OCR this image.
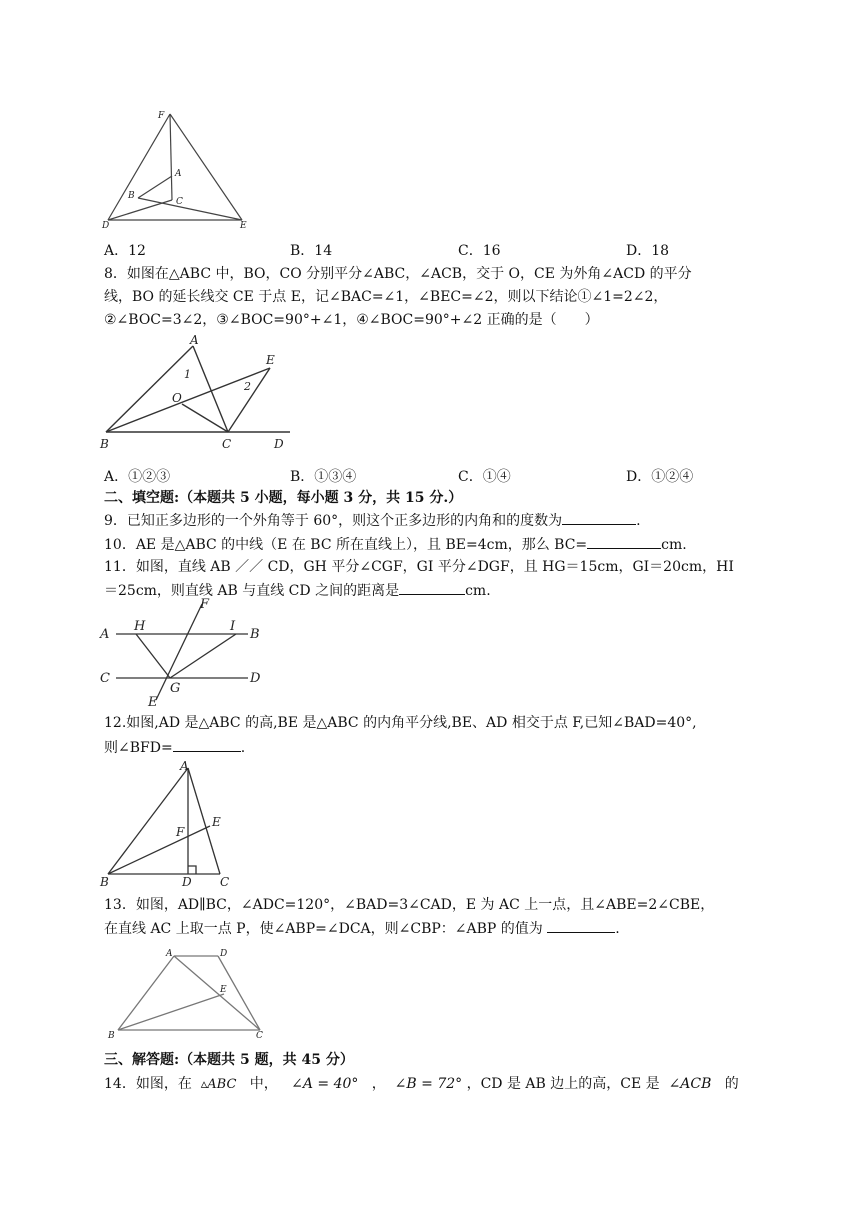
F
A
B
C
D	E
A．12	B．14	C．16	D．18
8．如图在△ABC 中，BO，CO 分别平分∠ABC，∠ACB，交于 O，CE 为外角∠ACD 的平分
线，BO 的延长线交 CE 于点 E，记∠BAC=∠1，∠BEC=∠2，则以下结论①∠1=2∠2，
②∠BOC=3∠2，③∠BOC=90°+∠1，④∠BOC=90°+∠2 正确的是（　　）
A
E
1
2
O
B	C	D
A．①②③	B．①③④	C．①④	D．①②④
二、填空题:（本题共 5 小题，每小题 3 分，共 15 分.）
9．已知正多边形的一个外角等于 60°，则这个正多边形的内角和的度数为	.
10．AE 是△ABC 的中线（E 在 BC 所在直线上），且 BE=4cm，那么 BC=	cm.
11．如图，直线 AB ／／ CD，GH 平分∠CGF，GI 平分∠DGF，且 HG＝15cm，GI＝20cm，HI
＝25cm，则直线 AB 与直线 CD 之间的距离是	cm.
A
H
F
I
B
C
G
D
E
12.如图,AD 是△ABC 的高,BE 是△ABC 的内角平分线,BE、AD 相交于点 F,已知∠BAD=40°,
则∠BFD=	.
A
F
E
B	D C
13．如图，AD∥BC，∠ADC=120°，∠BAD=3∠CAD，E 为 AC 上一点，且∠ABE=2∠CBE，
在直线 AC 上取一点 P，使∠ABP=∠DCA，则∠CBP：∠ABP 的值为	.
A	D
E
B	C
三、解答题:（本题共 5 题，共 45 分）
14．如图，在 ▵ABC 中， ∠A = 40° ， ∠B = 72° ，CD 是 AB 边上的高，CE 是 ∠ACB 的
